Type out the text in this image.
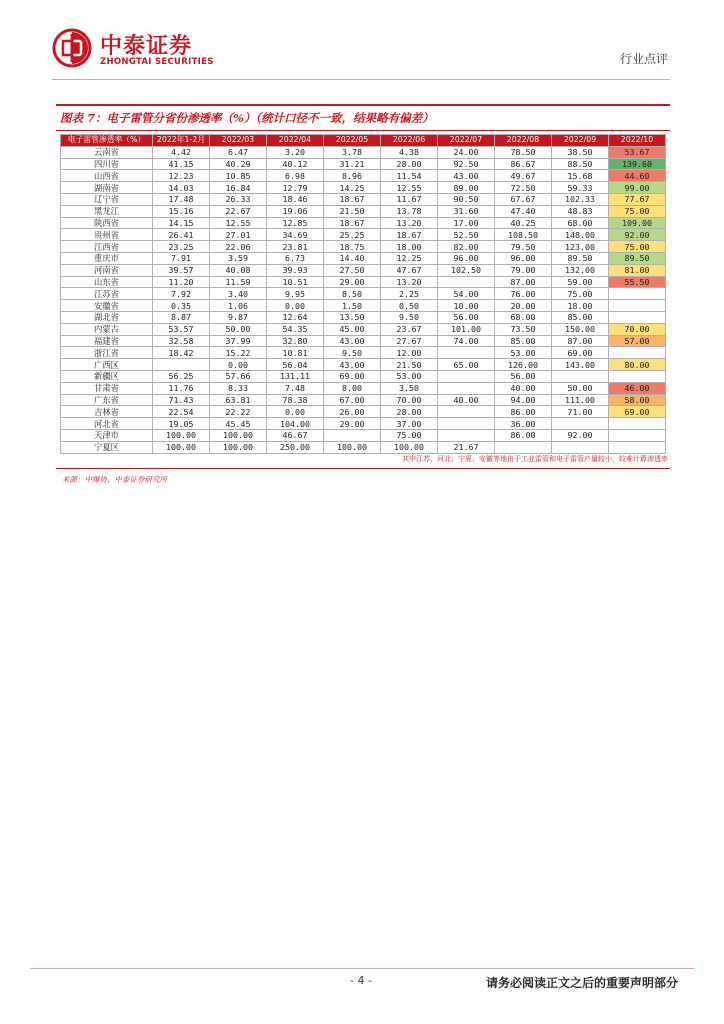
中泰证券
ZHONGTAI SECURITIES	行业点评
图表 7：电子雷管分省份渗透率（%）（统计口径不一致，结果略有偏差）
电子雷管渗透率（%）	2022年1-2月	2022/03	2022/04	2022/05	2022/06	2022/07	2022/08	2022/09	2022/10
云南省	4.42	6.47	3.20	3.78	4.38	24.00	78.50	38.50	53.67
四川省	41.15	40.29	40.12	31.21	28.00	92.50	86.67	88.50	139.60
山西省	12.23	10.85	6.98	8.96	11.54	43.00	49.67	15.68	44.60
湖南省	14.03	16.84	12.79	14.25	12.55	89.00	72.50	59.33	99.00
辽宁省	17.48	26.33	18.46	18.67	11.67	90.50	67.67	102.33	77.67
黑龙江	15.16	22.67	19.06	21.50	13.78	31.60	47.40	48.83	75.00
陕西省	14.15	12.55	12.85	18.67	13.20	17.00	40.25	68.00	109.00
贵州省	26.41	27.01	34.69	25.25	18.67	52.50	108.50	148.00	92.00
江西省	23.25	22.06	23.81	18.75	18.00	82.00	79.50	123.00	75.00
重庆市	7.91	3.59	6.73	14.40	12.25	96.00	96.00	89.50	89.50
河南省	39.57	40.08	39.93	27.50	47.67	102.50	79.00	132.00	81.00
山东省	11.20	11.59	10.51	29.00	13.20		87.00	59.00	55.50
江苏省	7.92	3.40	9.95	8.50	2.25	54.00	76.00	75.00	
安徽省	0.35	1.06	0.00	1.50	0.50	10.00	20.00	18.00	
湖北省	8.87	9.87	12.64	13.50	9.50	56.00	68.00	85.00	
内蒙古	53.57	50.00	54.35	45.00	23.67	101.00	73.50	150.00	70.00
福建省	32.58	37.99	32.80	43.00	27.67	74.00	85.00	87.00	57.00
浙江省	18.42	15.22	10.81	9.50	12.00		53.00	69.00	
广西区		0.00	56.04	43.00	21.50	65.00	126.00	143.00	80.00
新疆区	56.25	57.66	131.11	69.00	53.00		56.00		
甘肃省	11.76	8.33	7.48	8.00	3.50		40.00	50.00	46.00
广东省	71.43	63.81	78.38	67.00	70.00	40.00	94.00	111.00	58.00
吉林省	22.54	22.22	0.00	26.00	28.00		86.00	71.00	69.00
河北省	19.05	45.45	104.00	29.00	37.00		36.00		
天津市	100.00	100.00	46.67		75.00		86.00	92.00	
宁夏区	100.00	100.00	250.00	100.00	100.00	21.67			
其中江苏、河北、宁夏、安徽等地由于工业雷管和电子雷管产量较小，较难计算渗透率
来源：中爆协，中泰证券研究所
- 4 -	请务必阅读正文之后的重要声明部分
